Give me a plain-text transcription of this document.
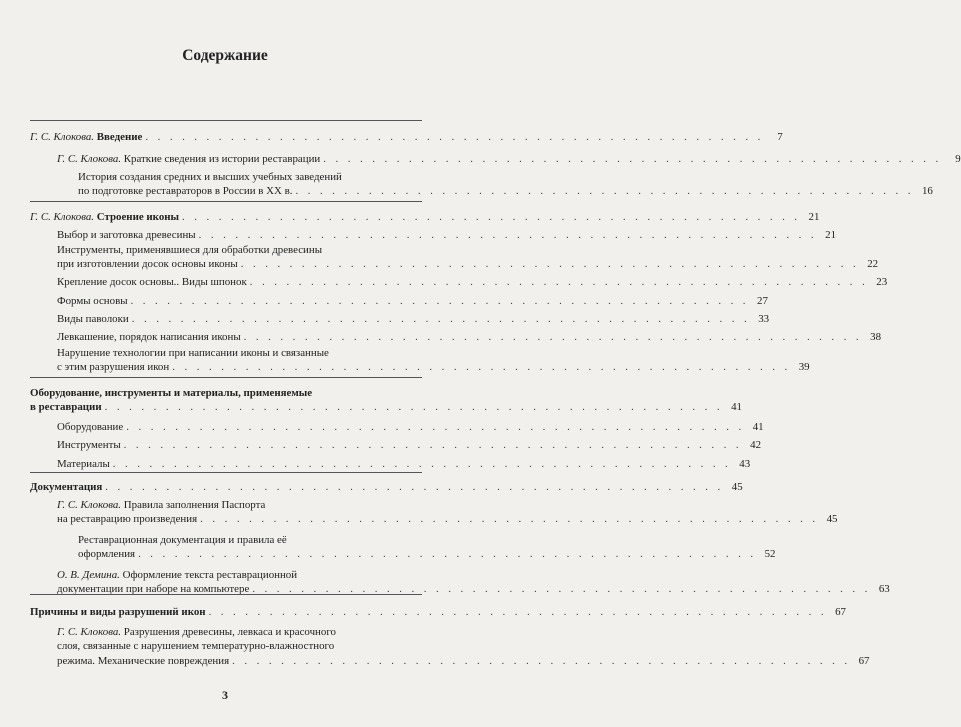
Содержание
Г. С. Клокова. Введение . . . . . . . . . . . . . . . . . . . . . . . . . . . . . . . . . . . . . . . . . . . . . . . . . . .	7
Г. С. Клокова. Краткие сведения из истории реставрации . . . . . . . . . . . . . . . . . . . . . . . . . . . . . . . . . . . . . . . . . . . . . . . . . . .	9
История создания средних и высших учебных заведений
по подготовке реставраторов в России в XX в. . . . . . . . . . . . . . . . . . . . . . . . . . . . . . . . . . . . . . . . . . . . . . . . . . . . 16
Г. С. Клокова. Строение иконы . . . . . . . . . . . . . . . . . . . . . . . . . . . . . . . . . . . . . . . . . . . . . . . . . . . 21
Выбор и заготовка древесины . . . . . . . . . . . . . . . . . . . . . . . . . . . . . . . . . . . . . . . . . . . . . . . . . . . 21
Инструменты, применявшиеся для обработки древесины
при изготовлении досок основы иконы . . . . . . . . . . . . . . . . . . . . . . . . . . . . . . . . . . . . . . . . . . . . . . . . . . . 22
Крепление досок основы.. Виды шпонок . . . . . . . . . . . . . . . . . . . . . . . . . . . . . . . . . . . . . . . . . . . . . . . . . . . 23
Формы основы . . . . . . . . . . . . . . . . . . . . . . . . . . . . . . . . . . . . . . . . . . . . . . . . . . . 27
Виды паволоки . . . . . . . . . . . . . . . . . . . . . . . . . . . . . . . . . . . . . . . . . . . . . . . . . . . 33
Левкашение, порядок написания иконы . . . . . . . . . . . . . . . . . . . . . . . . . . . . . . . . . . . . . . . . . . . . . . . . . . . 38
Нарушение технологии при написании иконы и связанные
с этим разрушения икон . . . . . . . . . . . . . . . . . . . . . . . . . . . . . . . . . . . . . . . . . . . . . . . . . . . 39
Оборудование, инструменты и материалы, применяемые
в реставрации . . . . . . . . . . . . . . . . . . . . . . . . . . . . . . . . . . . . . . . . . . . . . . . . . . . 41
Оборудование . . . . . . . . . . . . . . . . . . . . . . . . . . . . . . . . . . . . . . . . . . . . . . . . . . . 41
Инструменты . . . . . . . . . . . . . . . . . . . . . . . . . . . . . . . . . . . . . . . . . . . . . . . . . . . 42
Материалы . . . . . . . . . . . . . . . . . . . . . . . . . . . . . . . . . . . . . . . . . . . . . . . . . . . 43
Документация . . . . . . . . . . . . . . . . . . . . . . . . . . . . . . . . . . . . . . . . . . . . . . . . . . . 45
Г. С. Клокова. Правила заполнения Паспорта
на реставрацию произведения . . . . . . . . . . . . . . . . . . . . . . . . . . . . . . . . . . . . . . . . . . . . . . . . . . . 45
Реставрационная документация и правила её
оформления . . . . . . . . . . . . . . . . . . . . . . . . . . . . . . . . . . . . . . . . . . . . . . . . . . . 52
О. В. Демина. Оформление текста реставрационной
документации при наборе на компьютере . . . . . . . . . . . . . . . . . . . . . . . . . . . . . . . . . . . . . . . . . . . . . . . . . . . 63
Причины и виды разрушений икон . . . . . . . . . . . . . . . . . . . . . . . . . . . . . . . . . . . . . . . . . . . . . . . . . . . 67
Г. С. Клокова. Разрушения древесины, левкаса и красочного
слоя, связанные с нарушением температурно-влажностного
режима. Механические повреждения . . . . . . . . . . . . . . . . . . . . . . . . . . . . . . . . . . . . . . . . . . . . . . . . . . . 67
3
